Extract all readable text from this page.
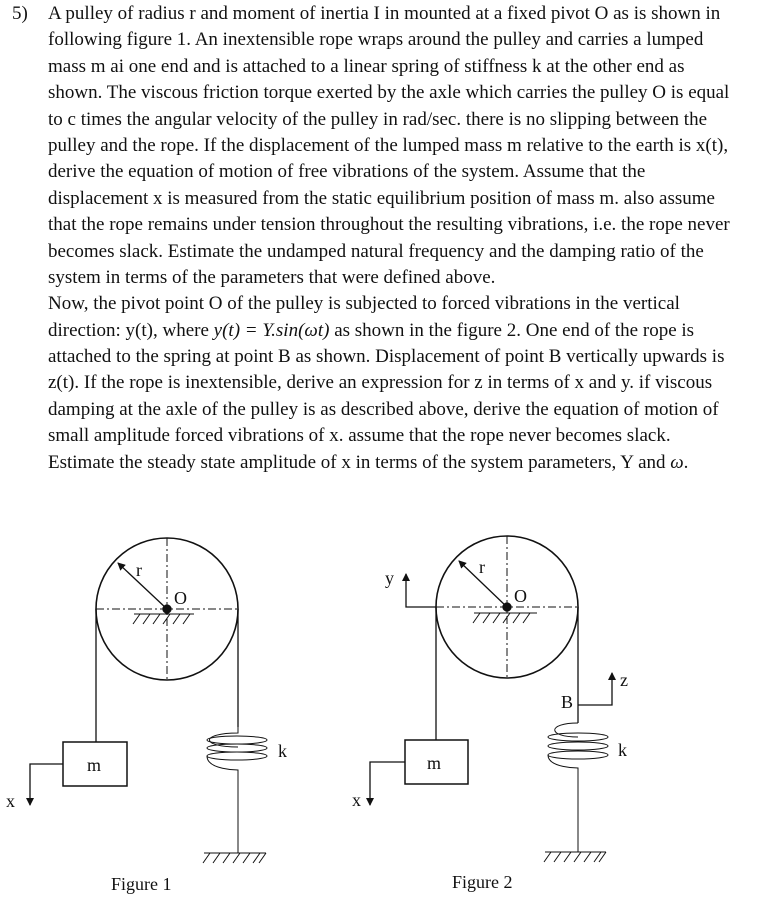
5) A pulley of radius r and moment of inertia I in mounted at a fixed pivot O as is shown in
following figure 1. An inextensible rope wraps around the pulley and carries a lumped
mass m ai one end and is attached to a linear spring of stiffness k at the other end as
shown. The viscous friction torque exerted by the axle which carries the pulley O is equal
to c times the angular velocity of the pulley in rad/sec. there is no slipping between the
pulley and the rope. If the displacement of the lumped mass m relative to the earth is x(t),
derive the equation of motion of free vibrations of the system. Assume that the
displacement x is measured from the static equilibrium position of mass m. also assume
that the rope remains under tension throughout the resulting vibrations, i.e. the rope never
becomes slack. Estimate the undamped natural frequency and the damping ratio of the
system in terms of the parameters that were defined above.
Now, the pivot point O of the pulley is subjected to forced vibrations in the vertical
direction: y(t), where y(t) = Y.sin(ωt) as shown in the figure 2. One end of the rope is
attached to the spring at point B as shown. Displacement of point B vertically upwards is
z(t). If the rope is inextensible, derive an expression for z in terms of x and y. if viscous
damping at the axle of the pulley is as described above, derive the equation of motion of
small amplitude forced vibrations of x. assume that the rope never becomes slack.
Estimate the steady state amplitude of x in terms of the system parameters, Y and ω.
r
O
m
k
x
Figure 1
r
O
m
k
x
y
z
B
Figure 2
